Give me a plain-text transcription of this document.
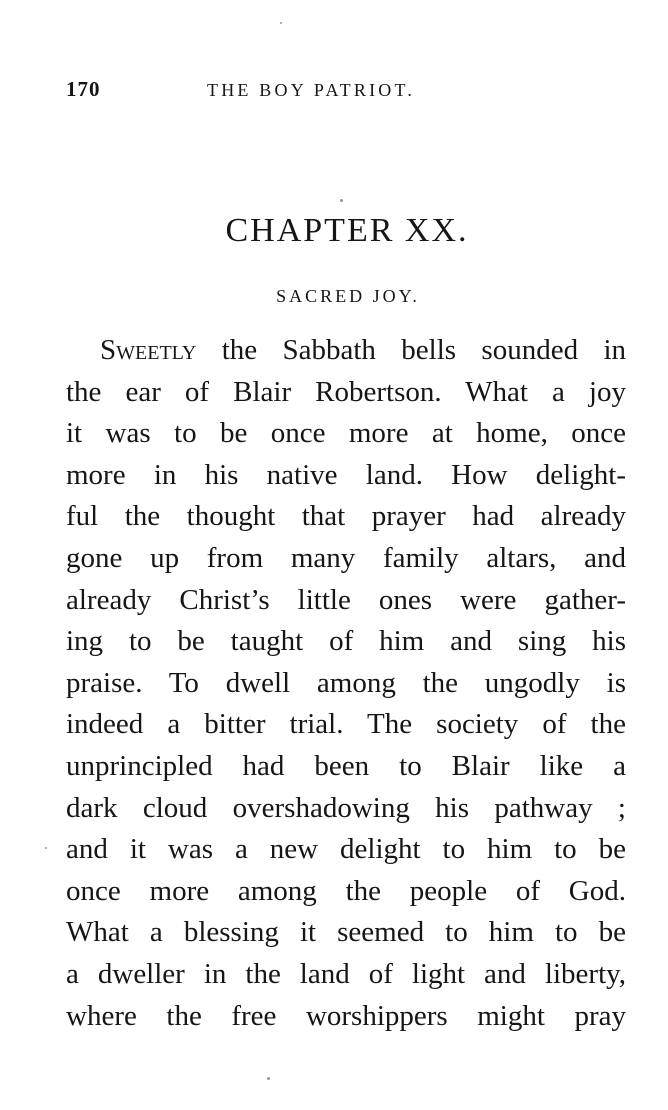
170	THE BOY PATRIOT.
CHAPTER XX.
SACRED JOY.
Sweetly the Sabbath bells sounded in
the ear of Blair Robertson. What a joy
it was to be once more at home, once
more in his native land. How delight-
ful the thought that prayer had already
gone up from many family altars, and
already Christ’s little ones were gather-
ing to be taught of him and sing his
praise. To dwell among the ungodly is
indeed a bitter trial. The society of the
unprincipled had been to Blair like a
dark cloud overshadowing his pathway ;
and it was a new delight to him to be
once more among the people of God.
What a blessing it seemed to him to be
a dweller in the land of light and liberty,
where the free worshippers might pray
